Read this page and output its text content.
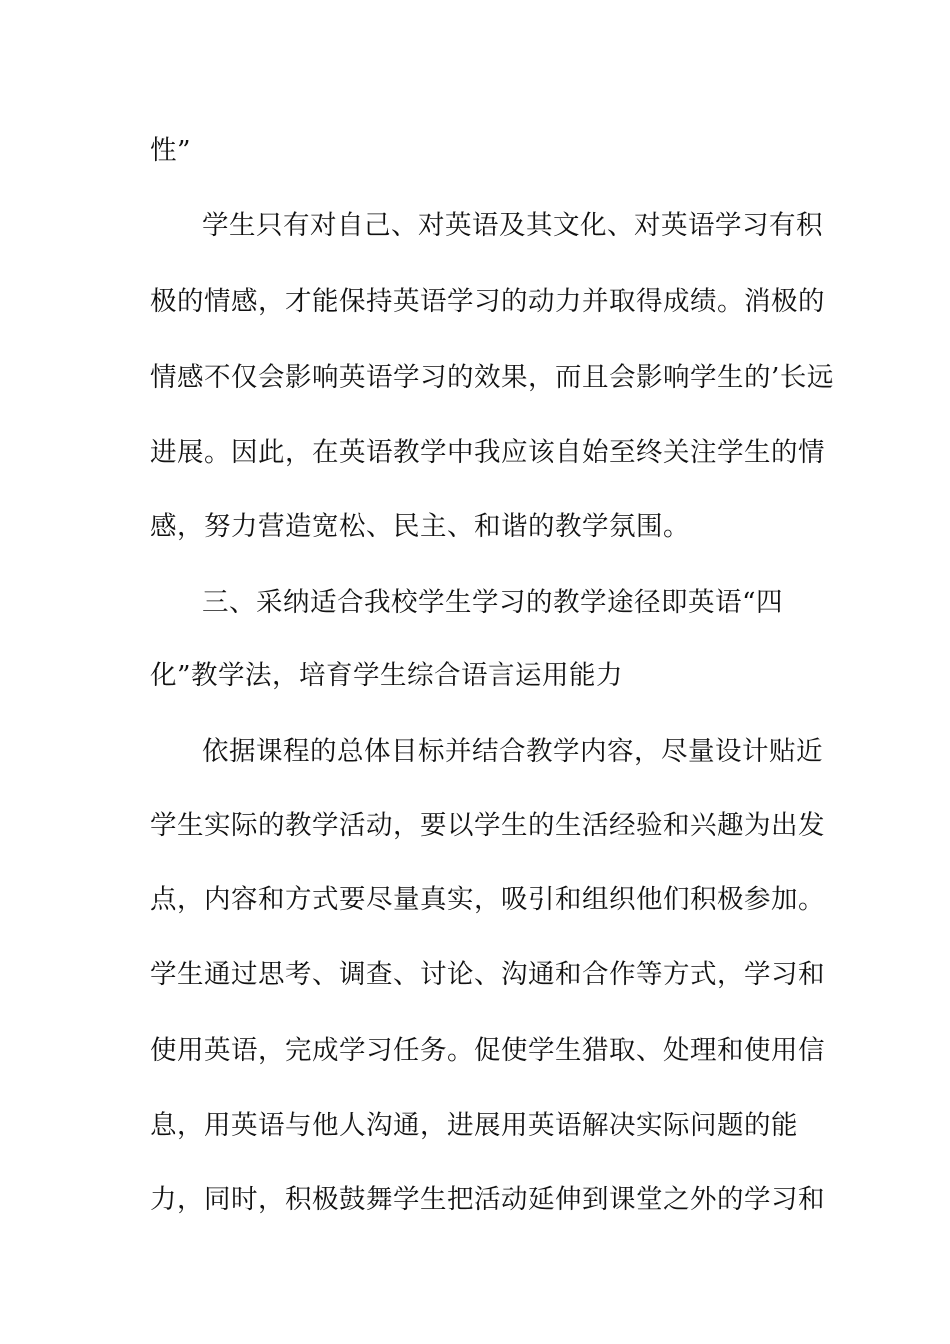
性”
学生只有对自己、对英语及其文化、对英语学习有积
极的情感，才能保持英语学习的动力并取得成绩。消极的
情感不仅会影响英语学习的效果，而且会影响学生的’长远
进展。因此，在英语教学中我应该自始至终关注学生的情
感，努力营造宽松、民主、和谐的教学氛围。
三、采纳适合我校学生学习的教学途径即英语“四
化”教学法，培育学生综合语言运用能力
依据课程的总体目标并结合教学内容，尽量设计贴近
学生实际的教学活动，要以学生的生活经验和兴趣为出发
点，内容和方式要尽量真实，吸引和组织他们积极参加。
学生通过思考、调查、讨论、沟通和合作等方式，学习和
使用英语，完成学习任务。促使学生猎取、处理和使用信
息，用英语与他人沟通，进展用英语解决实际问题的能
力，同时，积极鼓舞学生把活动延伸到课堂之外的学习和
